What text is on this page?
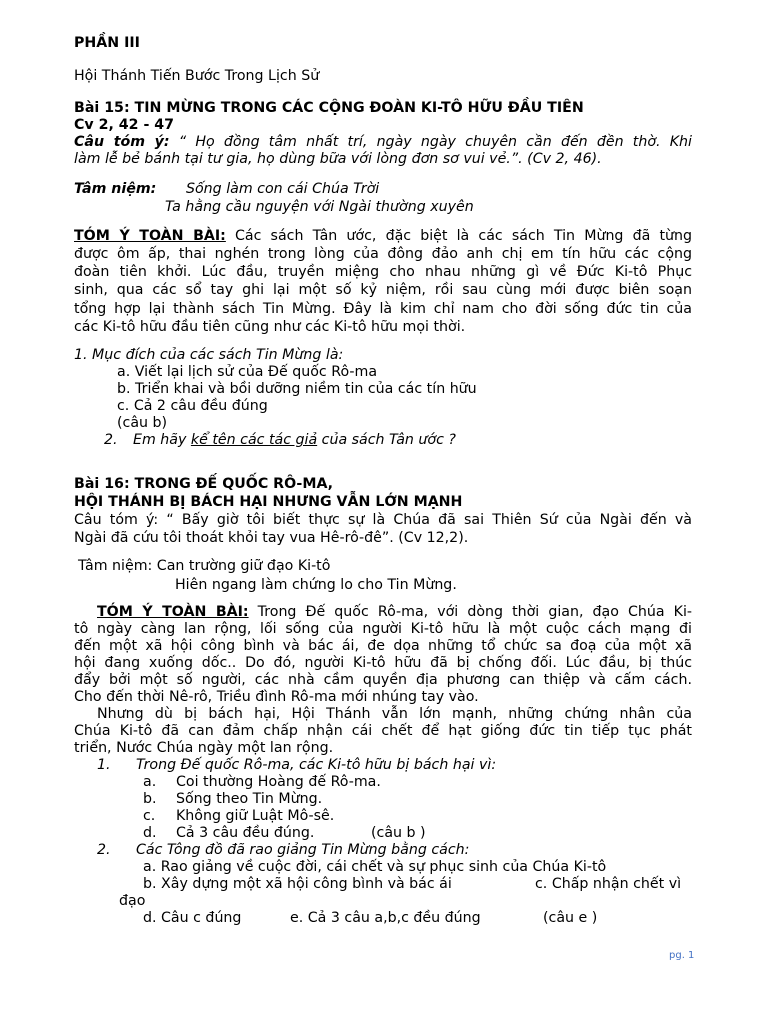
PHẦN III
Hội Thánh Tiến Bước Trong Lịch Sử
Bài 15: TIN MỪNG TRONG CÁC CỘNG ĐOÀN KI-TÔ HỮU ĐẦU TIÊN
Cv 2, 42 - 47
Câu tóm ý: “ Họ đồng tâm nhất trí, ngày ngày chuyên cần đến đền thờ. Khi
làm lễ bẻ bánh tại tư gia, họ dùng bữa với lòng đơn sơ vui vẻ.”. (Cv 2, 46).
Tâm niệm: Sống làm con cái Chúa Trời
Ta hằng cầu nguyện với Ngài thường xuyên
TÓM Ý TOÀN BÀI: Các sách Tân ước, đặc biệt là các sách Tin Mừng đã từng
được ôm ấp, thai nghén trong lòng của đông đảo anh chị em tín hữu các cộng
đoàn tiên khởi. Lúc đầu, truyền miệng cho nhau những gì về Đức Ki-tô Phục
sinh, qua các sổ tay ghi lại một số kỷ niệm, rồi sau cùng mới được biên soạn
tổng hợp lại thành sách Tin Mừng. Đây là kim chỉ nam cho đời sống đức tin của
các Ki-tô hữu đầu tiên cũng như các Ki-tô hữu mọi thời.
1. Mục đích của các sách Tin Mừng là:
a. Viết lại lịch sử của Đế quốc Rô-ma
b. Triển khai và bồi dưỡng niềm tin của các tín hữu
c. Cả 2 câu đều đúng
(câu b)
2. Em hãy kể tên các tác giả của sách Tân ước ?
Bài 16: TRONG ĐẾ QUỐC RÔ-MA,
HỘI THÁNH BỊ BÁCH HẠI NHƯNG VẪN LỚN MẠNH
Câu tóm ý: “ Bấy giờ tôi biết thực sự là Chúa đã sai Thiên Sứ của Ngài đến và
Ngài đã cứu tôi thoát khỏi tay vua Hê-rô-đê”. (Cv 12,2).
Tâm niệm: Can trường giữ đạo Ki-tô
Hiên ngang làm chứng lo cho Tin Mừng.
TÓM Ý TOÀN BÀI: Trong Đế quốc Rô-ma, với dòng thời gian, đạo Chúa Ki-
tô ngày càng lan rộng, lối sống của người Ki-tô hữu là một cuộc cách mạng đi
đến một xã hội công bình và bác ái, đe dọa những tổ chức sa đoạ của một xã
hội đang xuống dốc.. Do đó, người Ki-tô hữu đã bị chống đối. Lúc đầu, bị thúc
đẩy bởi một số người, các nhà cầm quyền địa phương can thiệp và cấm cách.
Cho đến thời Nê-rô, Triều đình Rô-ma mới nhúng tay vào.
Nhưng dù bị bách hại, Hội Thánh vẫn lớn mạnh, những chứng nhân của
Chúa Ki-tô đã can đảm chấp nhận cái chết để hạt giống đức tin tiếp tục phát
triển, Nước Chúa ngày một lan rộng.
1. Trong Đế quốc Rô-ma, các Ki-tô hữu bị bách hại vì:
a. Coi thường Hoàng đế Rô-ma.
b. Sống theo Tin Mừng.
c. Không giữ Luật Mô-sê.
d. Cả 3 câu đều đúng.	(câu b )
2. Các Tông đồ đã rao giảng Tin Mừng bằng cách:
a. Rao giảng về cuộc đời, cái chết và sự phục sinh của Chúa Ki-tô
b. Xây dựng một xã hội công bình và bác ái	c. Chấp nhận chết vì
đạo
d. Câu c đúng	e. Cả 3 câu a,b,c đều đúng	(câu e )
pg. 1
